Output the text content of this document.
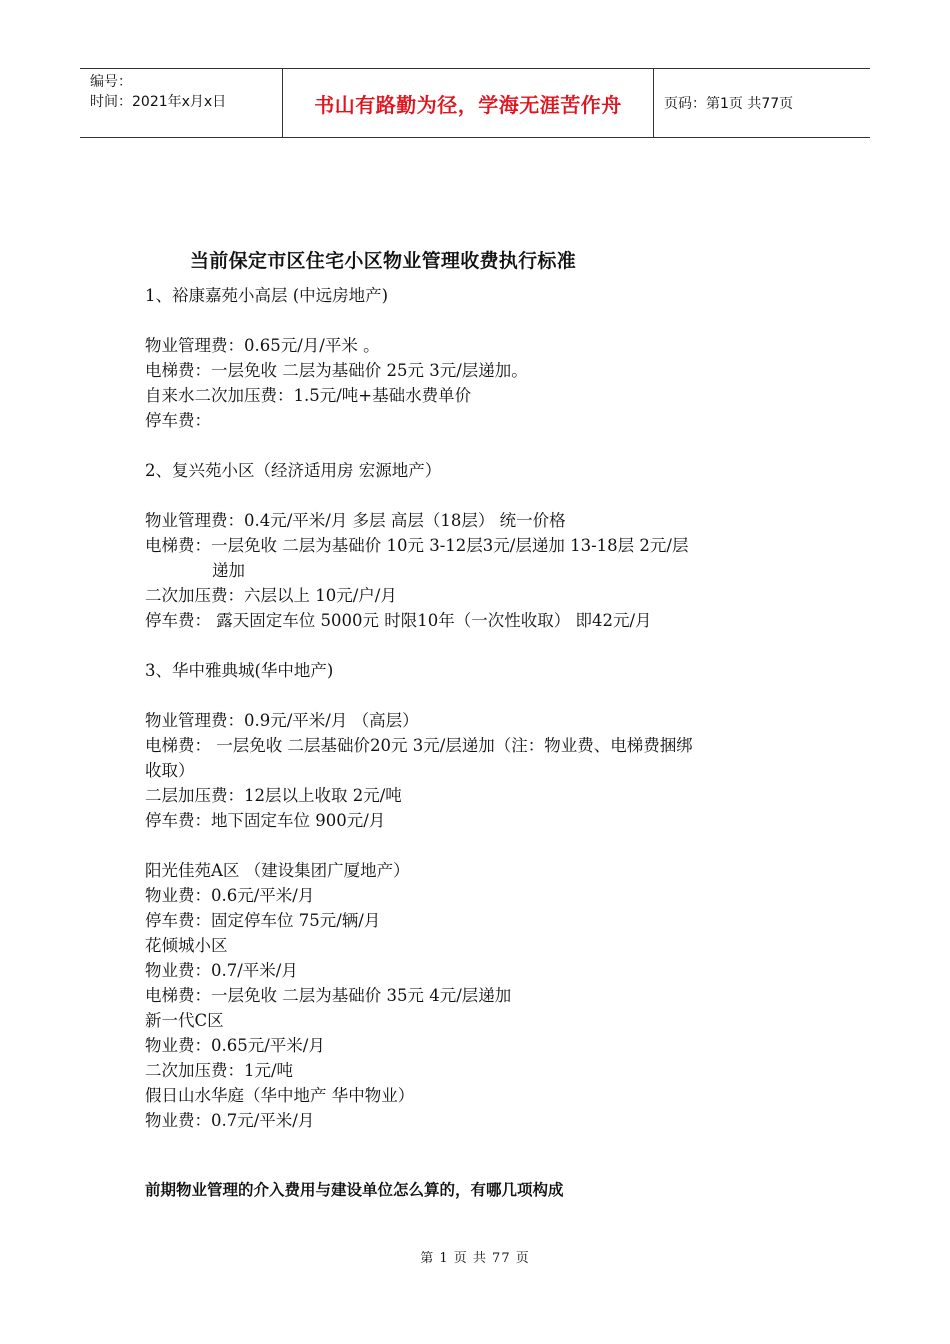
编号：
时间：2021年x月x日	书山有路勤为径，学海无涯苦作舟	页码：第1页 共77页
当前保定市区住宅小区物业管理收费执行标准
1、裕康嘉苑小高层 (中远房地产)
物业管理费：0.65元/月/平米 。
电梯费：一层免收 二层为基础价 25元 3元/层递加。
自来水二次加压费：1.5元/吨+基础水费单价
停车费：
2、复兴苑小区（经济适用房 宏源地产）
物业管理费：0.4元/平米/月 多层 高层（18层） 统一价格
电梯费：一层免收 二层为基础价 10元 3-12层3元/层递加 13-18层 2元/层
递加
二次加压费：六层以上 10元/户/月
停车费： 露天固定车位 5000元 时限10年（一次性收取） 即42元/月
3、华中雅典城(华中地产)
物业管理费：0.9元/平米/月 （高层）
电梯费： 一层免收 二层基础价20元 3元/层递加（注：物业费、电梯费捆绑
收取）
二层加压费：12层以上收取 2元/吨
停车费：地下固定车位 900元/月
阳光佳苑A区 （建设集团广厦地产）
物业费：0.6元/平米/月
停车费：固定停车位 75元/辆/月
花倾城小区
物业费：0.7/平米/月
电梯费：一层免收 二层为基础价 35元 4元/层递加
新一代C区
物业费：0.65元/平米/月
二次加压费：1元/吨
假日山水华庭（华中地产 华中物业）
物业费：0.7元/平米/月
前期物业管理的介入费用与建设单位怎么算的，有哪几项构成
第 1 页 共 77 页
